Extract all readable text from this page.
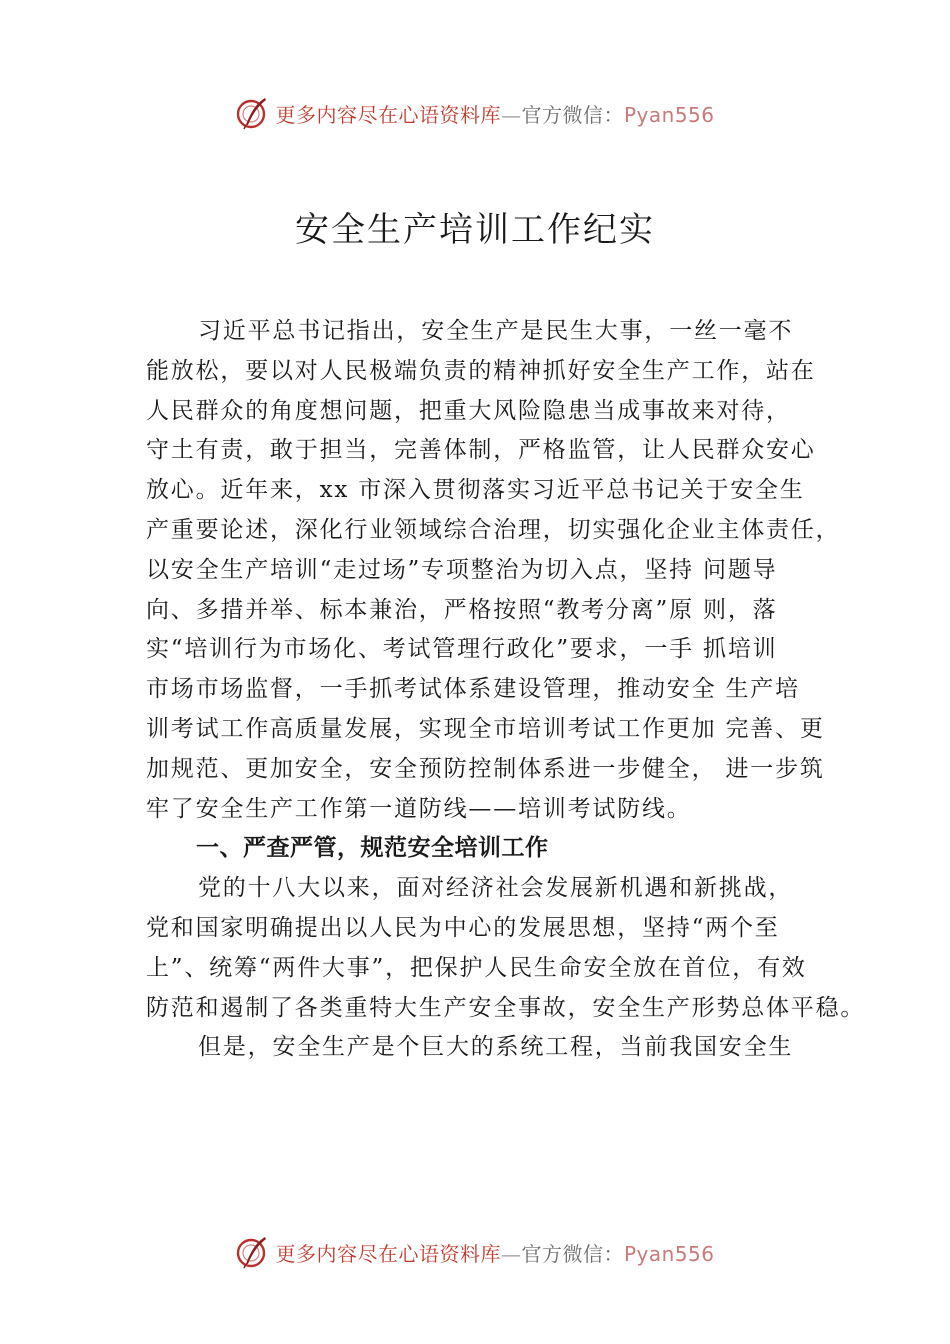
更多内容尽在心语资料库—官方微信：Pyan556
安全生产培训工作纪实
习近平总书记指出，安全生产是民生大事，一丝一毫不
能放松，要以对人民极端负责的精神抓好安全生产工作，站在
人民群众的角度想问题，把重大风险隐患当成事故来对待，
守土有责，敢于担当，完善体制，严格监管，让人民群众安心
放心。近年来，xx 市深入贯彻落实习近平总书记关于安全生
产重要论述，深化行业领域综合治理，切实强化企业主体责任，
以安全生产培训“走过场”专项整治为切入点，坚持 问题导
向、多措并举、标本兼治，严格按照“教考分离”原 则，落
实“培训行为市场化、考试管理行政化”要求，一手 抓培训
市场市场监督，一手抓考试体系建设管理，推动安全 生产培
训考试工作高质量发展，实现全市培训考试工作更加 完善、更
加规范、更加安全，安全预防控制体系进一步健全， 进一步筑
牢了安全生产工作第一道防线——培训考试防线。
一、严查严管，规范安全培训工作
党的十八大以来，面对经济社会发展新机遇和新挑战，
党和国家明确提出以人民为中心的发展思想，坚持“两个至
上”、统筹“两件大事”，把保护人民生命安全放在首位，有效
防范和遏制了各类重特大生产安全事故，安全生产形势总体平稳。
但是，安全生产是个巨大的系统工程，当前我国安全生
更多内容尽在心语资料库—官方微信：Pyan556
